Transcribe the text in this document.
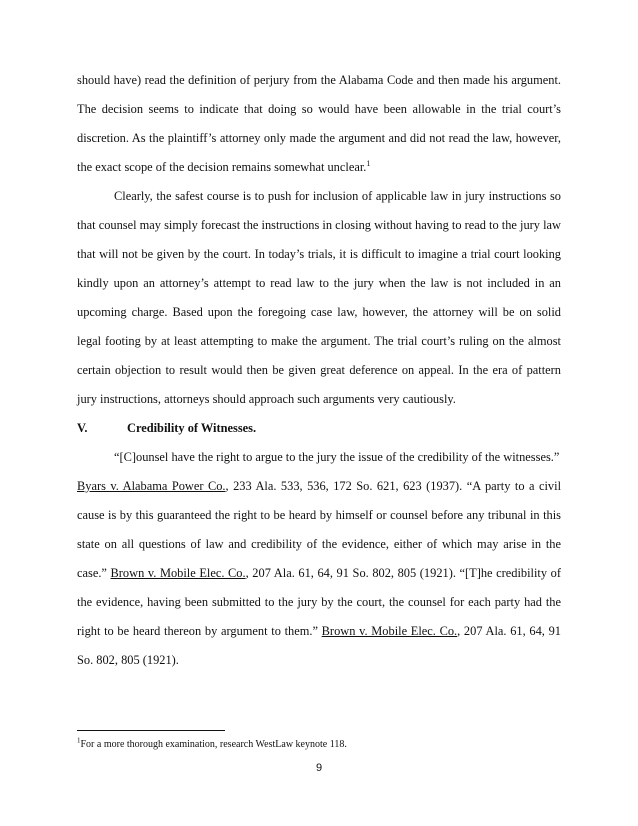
should have) read the definition of perjury from the Alabama Code and then made his argument. The decision seems to indicate that doing so would have been allowable in the trial court’s discretion. As the plaintiff’s attorney only made the argument and did not read the law, however, the exact scope of the decision remains somewhat unclear.$^1$

Clearly, the safest course is to push for inclusion of applicable law in jury instructions so that counsel may simply forecast the instructions in closing without having to read to the jury law that will not be given by the court. In today’s trials, it is difficult to imagine a trial court looking kindly upon an attorney’s attempt to read law to the jury when the law is not included in an upcoming charge. Based upon the foregoing case law, however, the attorney will be on solid legal footing by at least attempting to make the argument. The trial court’s ruling on the almost certain objection to result would then be given great deference on appeal. In the era of pattern jury instructions, attorneys should approach such arguments very cautiously.

V.	Credibility of Witnesses.

“[C]ounsel have the right to argue to the jury the issue of the credibility of the witnesses.”
Byars v. Alabama Power Co., 233 Ala. 533, 536, 172 So. 621, 623 (1937). “A party to a civil cause is by this guaranteed the right to be heard by himself or counsel before any tribunal in this state on all questions of law and credibility of the evidence, either of which may arise in the case.” Brown v. Mobile Elec. Co., 207 Ala. 61, 64, 91 So. 802, 805 (1921). “[T]he credibility of the evidence, having been submitted to the jury by the court, the counsel for each party had the right to be heard thereon by argument to them.” Brown v. Mobile Elec. Co., 207 Ala. 61, 64, 91 So. 802, 805 (1921).

$^1$For a more thorough examination, research WestLaw keynote 118.
9
